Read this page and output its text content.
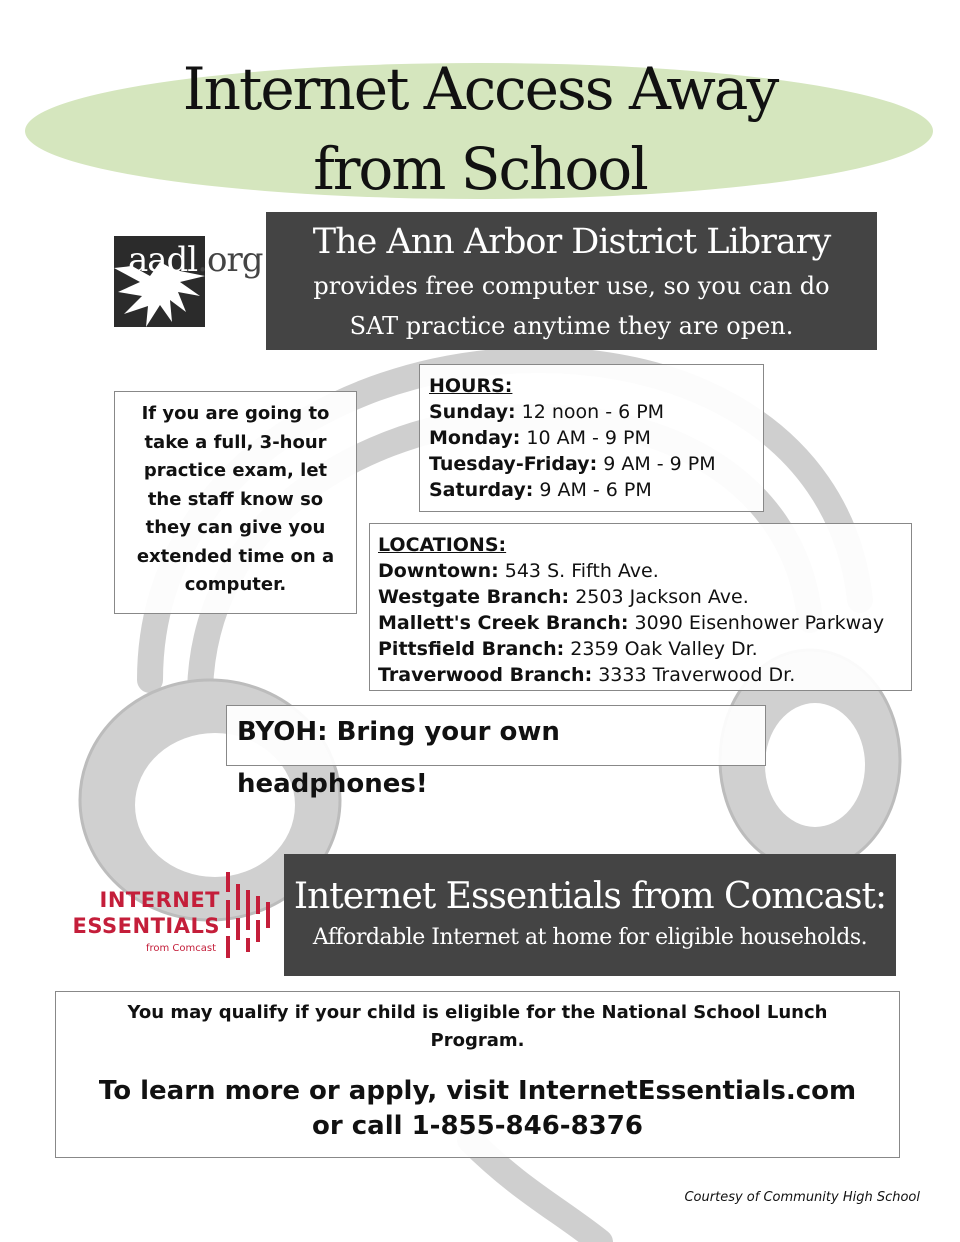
Internet Access Away
from School
aadl.org	The Ann Arbor District Library
provides free computer use, so you can do
SAT practice anytime they are open.
If you are going to take a full, 3-hour practice exam, let the staff know so they can give you extended time on a computer.
HOURS:
Sunday: 12 noon - 6 PM
Monday: 10 AM - 9 PM
Tuesday-Friday: 9 AM - 9 PM
Saturday: 9 AM - 6 PM
LOCATIONS:
Downtown: 543 S. Fifth Ave.
Westgate Branch: 2503 Jackson Ave.
Mallett's Creek Branch: 3090 Eisenhower Parkway
Pittsfield Branch: 2359 Oak Valley Dr.
Traverwood Branch: 3333 Traverwood Dr.
BYOH: Bring your own headphones!
INTERNET
ESSENTIALS
from Comcast
Internet Essentials from Comcast:
Affordable Internet at home for eligible households.
You may qualify if your child is eligible for the National School Lunch Program.
To learn more or apply, visit InternetEssentials.com
or call 1-855-846-8376
Courtesy of Community High School
